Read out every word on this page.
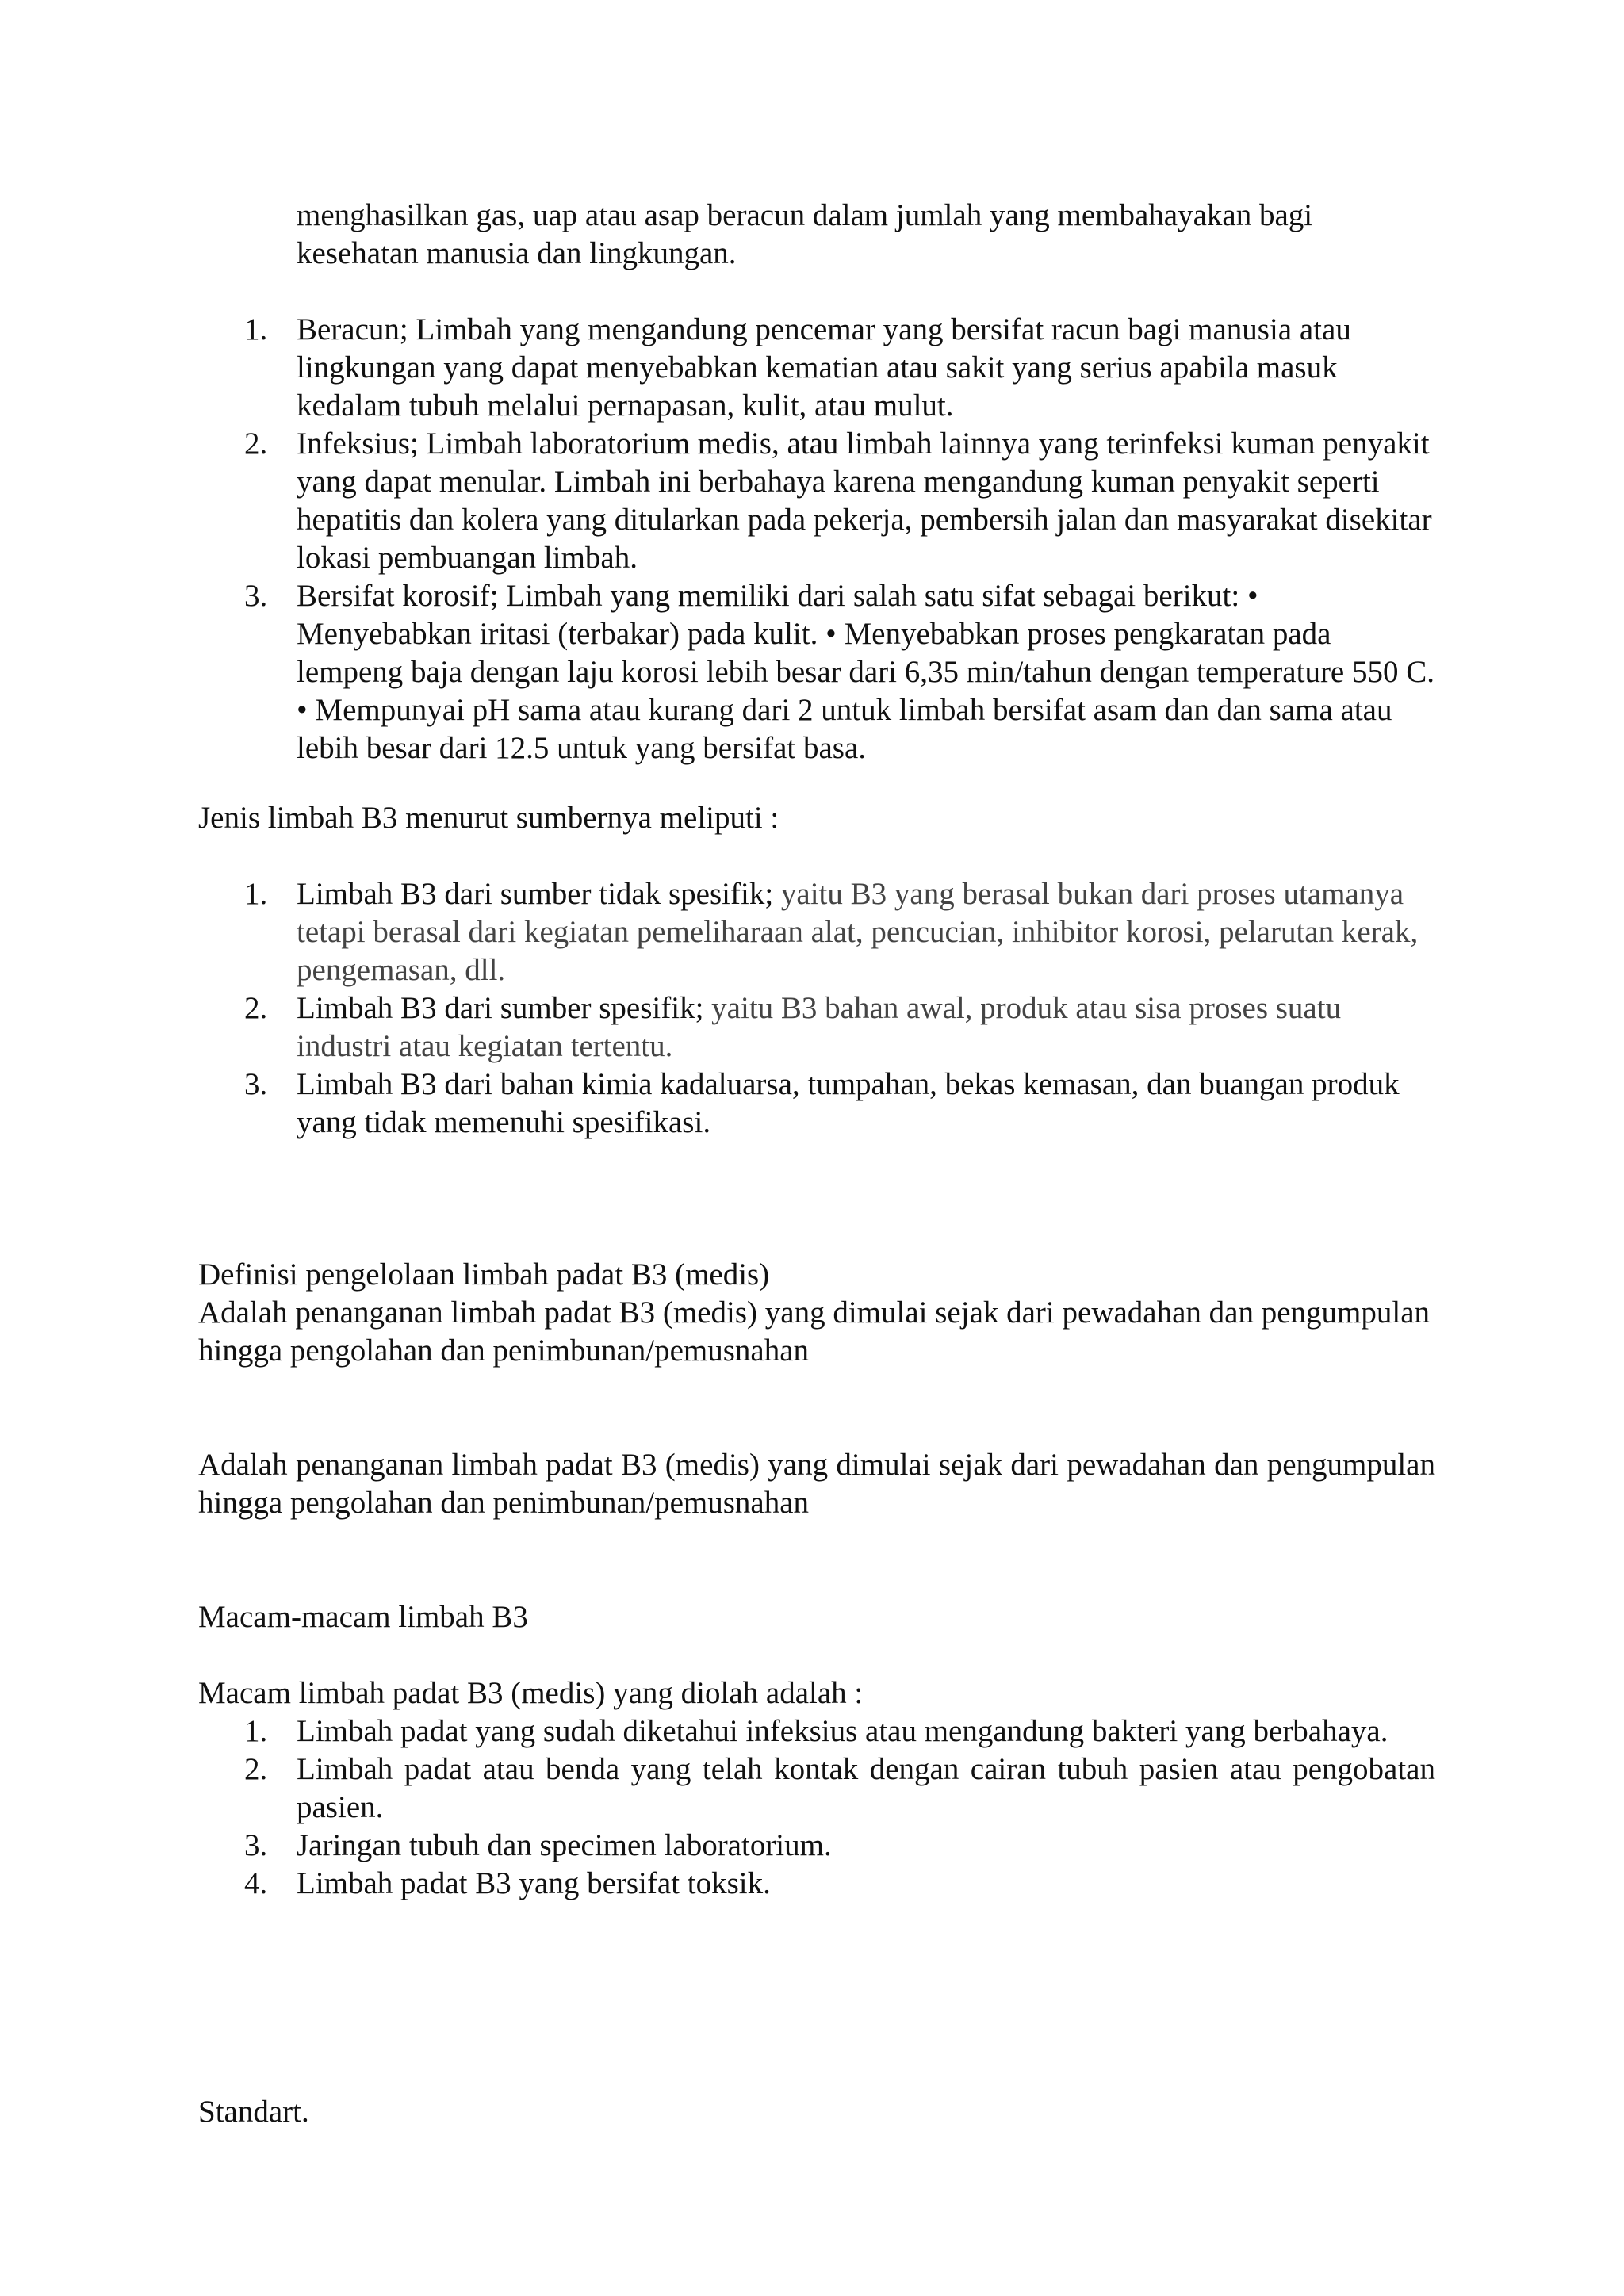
menghasilkan gas, uap atau asap beracun dalam jumlah yang membahayakan bagi kesehatan manusia dan lingkungan.

1. Beracun; Limbah yang mengandung pencemar yang bersifat racun bagi manusia atau lingkungan yang dapat menyebabkan kematian atau sakit yang serius apabila masuk kedalam tubuh melalui pernapasan, kulit, atau mulut.
2. Infeksius; Limbah laboratorium medis, atau limbah lainnya yang terinfeksi kuman penyakit yang dapat menular. Limbah ini berbahaya karena mengandung kuman penyakit seperti hepatitis dan kolera yang ditularkan pada pekerja, pembersih jalan dan masyarakat disekitar lokasi pembuangan limbah.
3. Bersifat korosif; Limbah yang memiliki dari salah satu sifat sebagai berikut: • Menyebabkan iritasi (terbakar) pada kulit. • Menyebabkan proses pengkaratan pada lempeng baja dengan laju korosi lebih besar dari 6,35 min/tahun dengan temperature 550 C. • Mempunyai pH sama atau kurang dari 2 untuk limbah bersifat asam dan dan sama atau lebih besar dari 12.5 untuk yang bersifat basa.

Jenis limbah B3 menurut sumbernya meliputi :

1. Limbah B3 dari sumber tidak spesifik; yaitu B3 yang berasal bukan dari proses utamanya tetapi berasal dari kegiatan pemeliharaan alat, pencucian, inhibitor korosi, pelarutan kerak, pengemasan, dll.
2. Limbah B3 dari sumber spesifik; yaitu B3 bahan awal, produk atau sisa proses suatu industri atau kegiatan tertentu.
3. Limbah B3 dari bahan kimia kadaluarsa, tumpahan, bekas kemasan, dan buangan produk yang tidak memenuhi spesifikasi.

Definisi pengelolaan limbah padat B3 (medis)

Adalah penanganan limbah padat B3 (medis) yang dimulai sejak dari pewadahan dan pengumpulan hingga pengolahan dan penimbunan/pemusnahan

Adalah penanganan limbah padat B3 (medis) yang dimulai sejak dari pewadahan dan pengumpulan hingga pengolahan dan penimbunan/pemusnahan

Macam-macam limbah B3

Macam limbah padat B3 (medis) yang diolah adalah :

1. Limbah padat yang sudah diketahui infeksius atau mengandung bakteri yang berbahaya.
2. Limbah padat atau benda yang telah kontak dengan cairan tubuh pasien atau pengobatan pasien.
3. Jaringan tubuh dan specimen laboratorium.
4. Limbah padat B3 yang bersifat toksik.

Standart.
